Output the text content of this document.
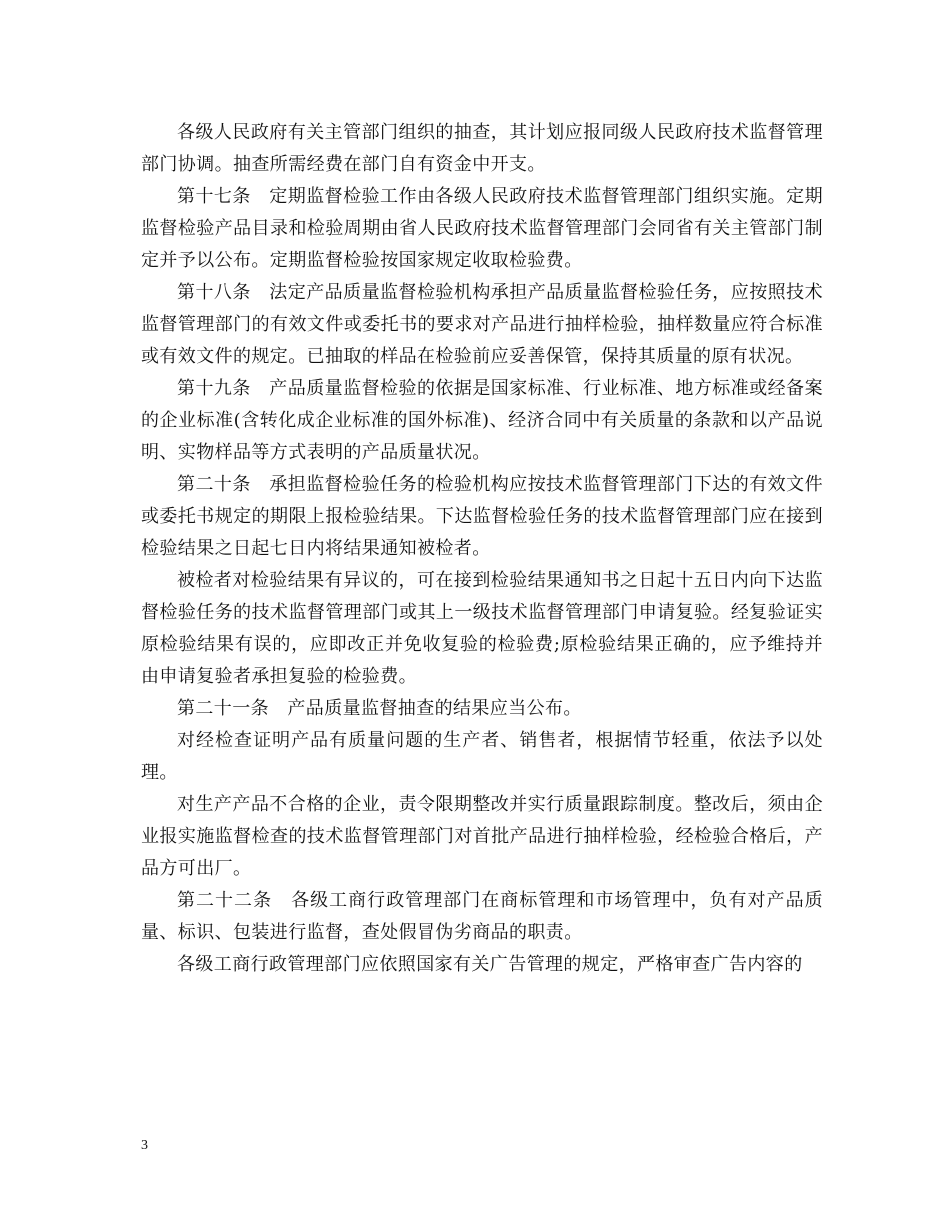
各级人民政府有关主管部门组织的抽查，其计划应报同级人民政府技术监督管理部门协调。抽查所需经费在部门自有资金中开支。

第十七条　定期监督检验工作由各级人民政府技术监督管理部门组织实施。定期监督检验产品目录和检验周期由省人民政府技术监督管理部门会同省有关主管部门制定并予以公布。定期监督检验按国家规定收取检验费。

第十八条　法定产品质量监督检验机构承担产品质量监督检验任务，应按照技术监督管理部门的有效文件或委托书的要求对产品进行抽样检验，抽样数量应符合标准或有效文件的规定。已抽取的样品在检验前应妥善保管，保持其质量的原有状况。

第十九条　产品质量监督检验的依据是国家标准、行业标准、地方标准或经备案的企业标准(含转化成企业标准的国外标准)、经济合同中有关质量的条款和以产品说明、实物样品等方式表明的产品质量状况。

第二十条　承担监督检验任务的检验机构应按技术监督管理部门下达的有效文件或委托书规定的期限上报检验结果。下达监督检验任务的技术监督管理部门应在接到检验结果之日起七日内将结果通知被检者。

被检者对检验结果有异议的，可在接到检验结果通知书之日起十五日内向下达监督检验任务的技术监督管理部门或其上一级技术监督管理部门申请复验。经复验证实原检验结果有误的，应即改正并免收复验的检验费;原检验结果正确的，应予维持并由申请复验者承担复验的检验费。

第二十一条　产品质量监督抽查的结果应当公布。

对经检查证明产品有质量问题的生产者、销售者，根据情节轻重，依法予以处理。

对生产产品不合格的企业，责令限期整改并实行质量跟踪制度。整改后，须由企业报实施监督检查的技术监督管理部门对首批产品进行抽样检验，经检验合格后，产品方可出厂。

第二十二条　各级工商行政管理部门在商标管理和市场管理中，负有对产品质量、标识、包装进行监督，查处假冒伪劣商品的职责。

各级工商行政管理部门应依照国家有关广告管理的规定，严格审查广告内容的

3
